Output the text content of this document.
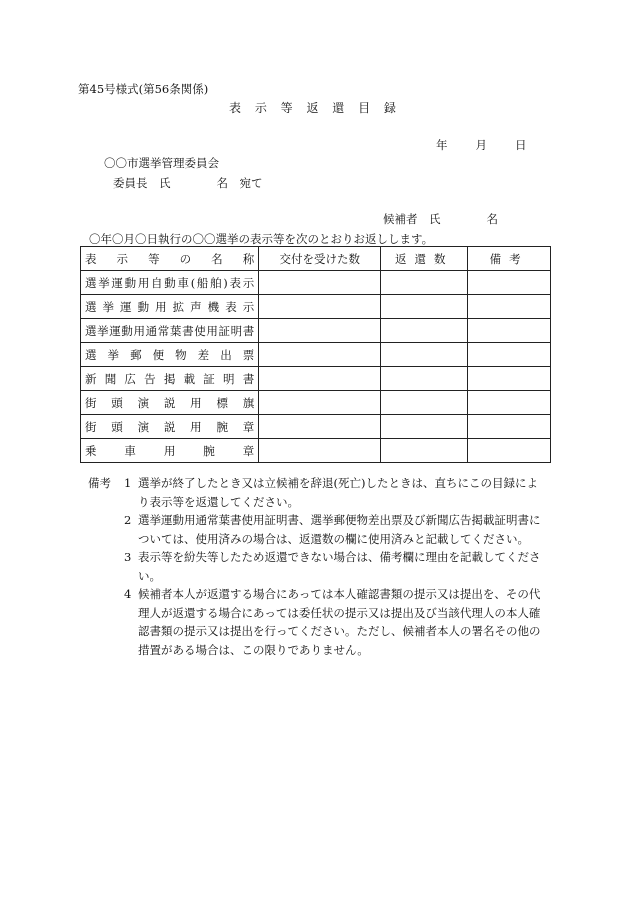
第45号様式(第56条関係)
表 示 等 返 還 目 録
年 月 日
〇〇市選挙管理委員会
委員長　氏　　　　名　宛て
候補者　氏　　　　名
〇年〇月〇日執行の〇〇選挙の表示等を次のとおりお返しします。
表示等の名称	交付を受けた数	返還数	備考
選挙運動用自動車(船舶)表示			
選挙運動用拡声機表示			
選挙運動用通常葉書使用証明書			
選挙郵便物差出票			
新聞広告掲載証明書			
街頭演説用標旗			
街頭演説用腕章			
乗車用腕章			
備考 1 選挙が終了したとき又は立候補を辞退(死亡)したときは、直ちにこの目録により表示等を返還してください。
2 選挙運動用通常葉書使用証明書、選挙郵便物差出票及び新聞広告掲載証明書については、使用済みの場合は、返還数の欄に使用済みと記載してください。
3 表示等を紛失等したため返還できない場合は、備考欄に理由を記載してください。
4 候補者本人が返還する場合にあっては本人確認書類の提示又は提出を、その代理人が返還する場合にあっては委任状の提示又は提出及び当該代理人の本人確認書類の提示又は提出を行ってください。ただし、候補者本人の署名その他の措置がある場合は、この限りでありません。
